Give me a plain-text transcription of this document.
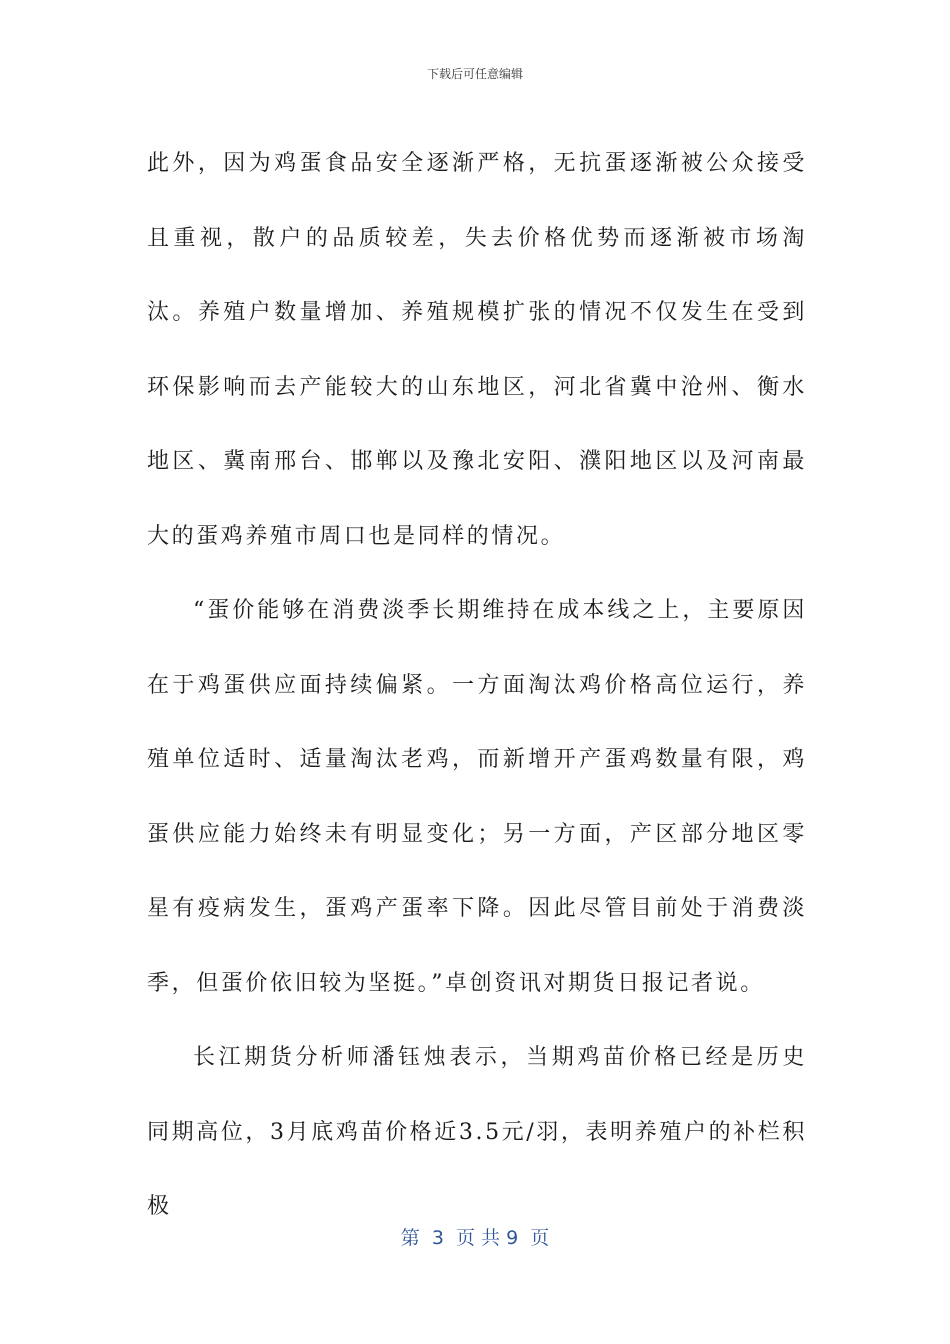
下载后可任意编辑

此外，因为鸡蛋食品安全逐渐严格，无抗蛋逐渐被公众接受且重视，散户的品质较差，失去价格优势而逐渐被市场淘汰。养殖户数量增加、养殖规模扩张的情况不仅发生在受到环保影响而去产能较大的山东地区，河北省冀中沧州、衡水地区、冀南邢台、邯郸以及豫北安阳、濮阳地区以及河南最大的蛋鸡养殖市周口也是同样的情况。

“蛋价能够在消费淡季长期维持在成本线之上，主要原因在于鸡蛋供应面持续偏紧。一方面淘汰鸡价格高位运行，养殖单位适时、适量淘汰老鸡，而新增开产蛋鸡数量有限，鸡蛋供应能力始终未有明显变化；另一方面，产区部分地区零星有疫病发生，蛋鸡产蛋率下降。因此尽管目前处于消费淡季，但蛋价依旧较为坚挺。”卓创资讯对期货日报记者说。

长江期货分析师潘钰烛表示，当期鸡苗价格已经是历史同期高位，3月底鸡苗价格近3.5元/羽，表明养殖户的补栏积极

第  3  页 共 9  页
